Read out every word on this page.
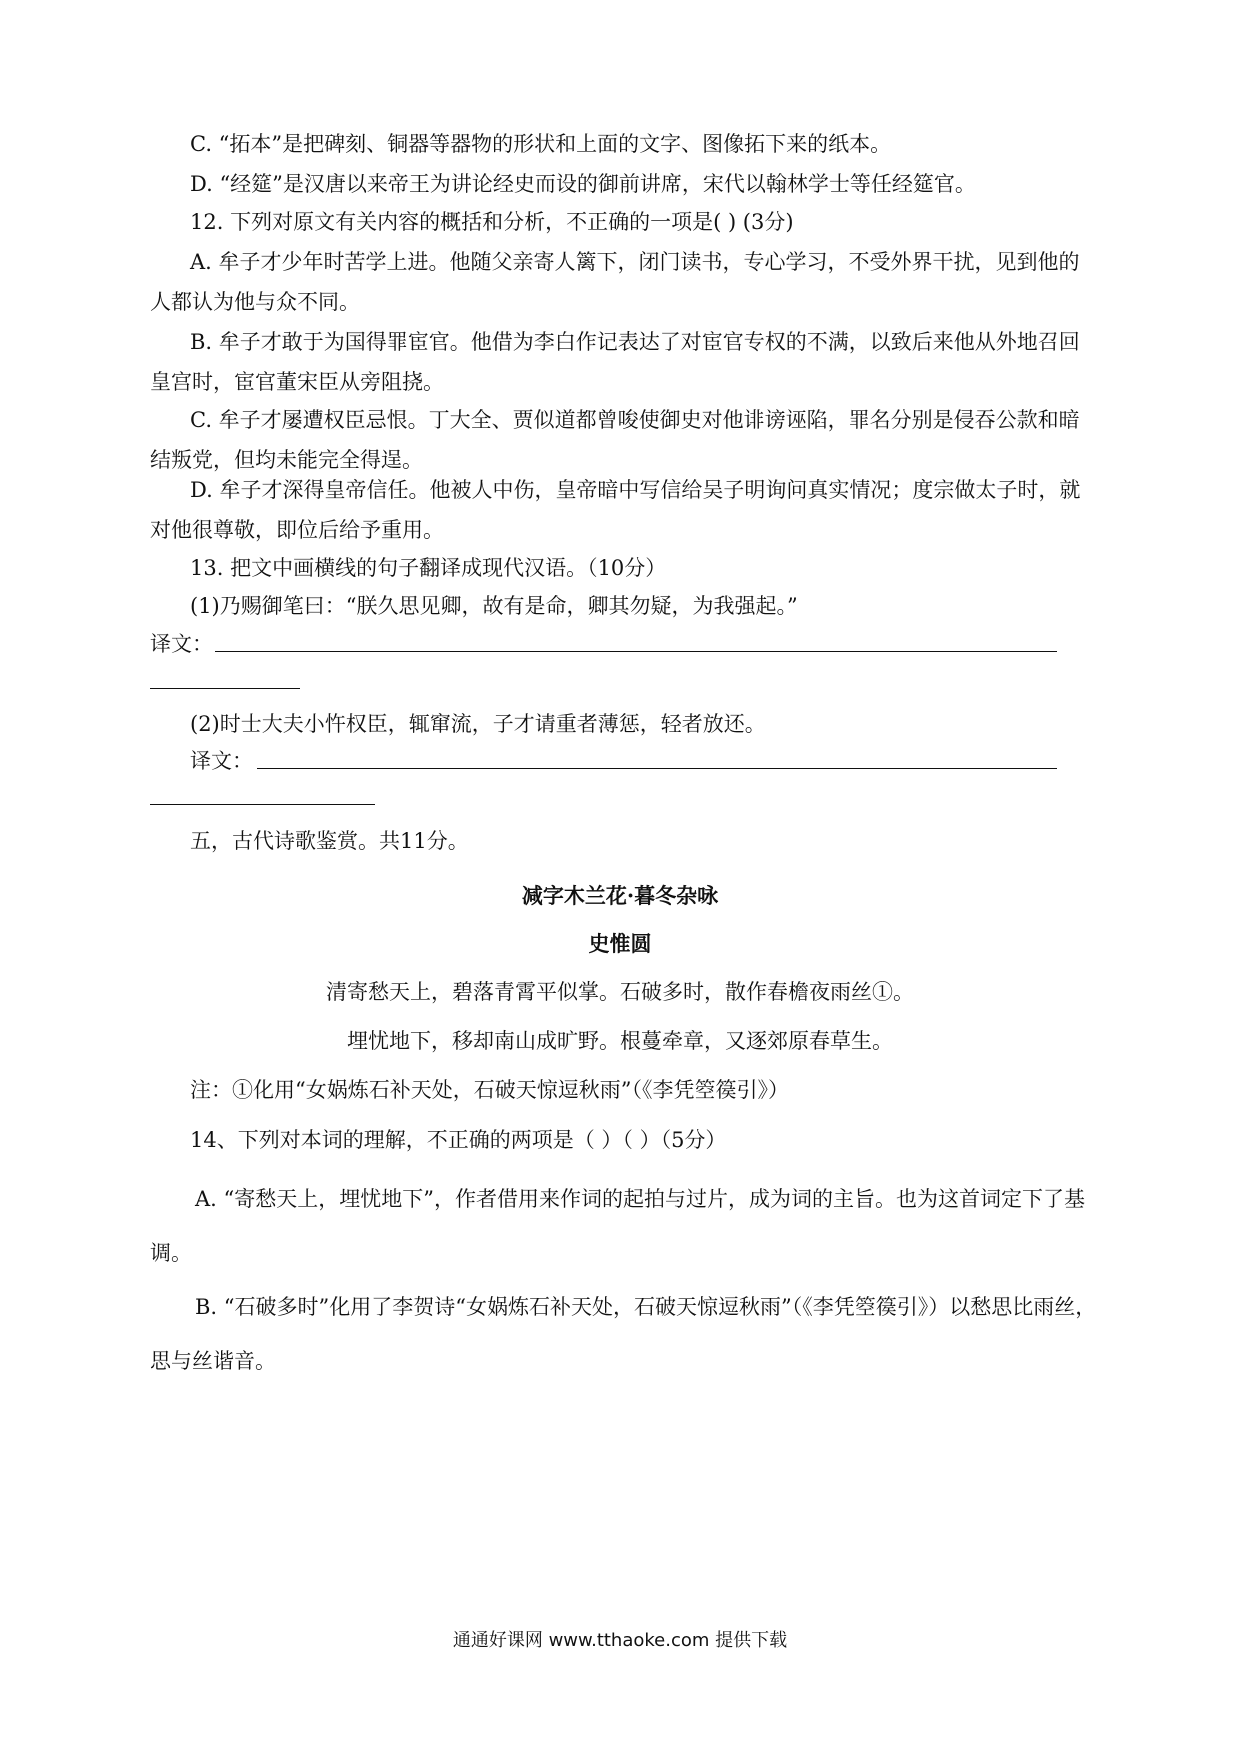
C. “拓本”是把碑刻、铜器等器物的形状和上面的文字、图像拓下来的纸本。
D. “经筵”是汉唐以来帝王为讲论经史而设的御前讲席，宋代以翰林学士等任经筵官。
12. 下列对原文有关内容的概括和分析，不正确的一项是( ) (3分)
A. 牟子才少年时苦学上进。他随父亲寄人篱下，闭门读书，专心学习，不受外界干扰，见到他的人都认为他与众不同。
B. 牟子才敢于为国得罪宦官。他借为李白作记表达了对宦官专权的不满，以致后来他从外地召回皇宫时，宦官董宋臣从旁阻挠。
C. 牟子才屡遭权臣忌恨。丁大全、贾似道都曾唆使御史对他诽谤诬陷，罪名分别是侵吞公款和暗结叛党，但均未能完全得逞。
D. 牟子才深得皇帝信任。他被人中伤，皇帝暗中写信给吴子明询问真实情况；度宗做太子时，就对他很尊敬，即位后给予重用。
13. 把文中画横线的句子翻译成现代汉语。（10分）
(1)乃赐御笔曰：“朕久思见卿，故有是命，卿其勿疑，为我强起。”
译文：
(2)时士大夫小忤权臣，辄窜流，子才请重者薄惩，轻者放还。
译文：
五，古代诗歌鉴赏。共11分。
减字木兰花·暮冬杂咏
史惟圆
清寄愁天上，碧落青霄平似掌。石破多时，散作春檐夜雨丝①。
埋忧地下，移却南山成旷野。根蔓牵章，又逐郊原春草生。
注：①化用“女娲炼石补天处，石破天惊逗秋雨”（《李凭箜篌引》）
14、下列对本词的理解，不正确的两项是（ ）（ ）（5分）
A. “寄愁天上，埋忧地下”，作者借用来作词的起拍与过片，成为词的主旨。也为这首词定下了基调。
B. “石破多时”化用了李贺诗“女娲炼石补天处，石破天惊逗秋雨”（《李凭箜篌引》）以愁思比雨丝，思与丝谐音。
通通好课网 www.tthaoke.com 提供下载
